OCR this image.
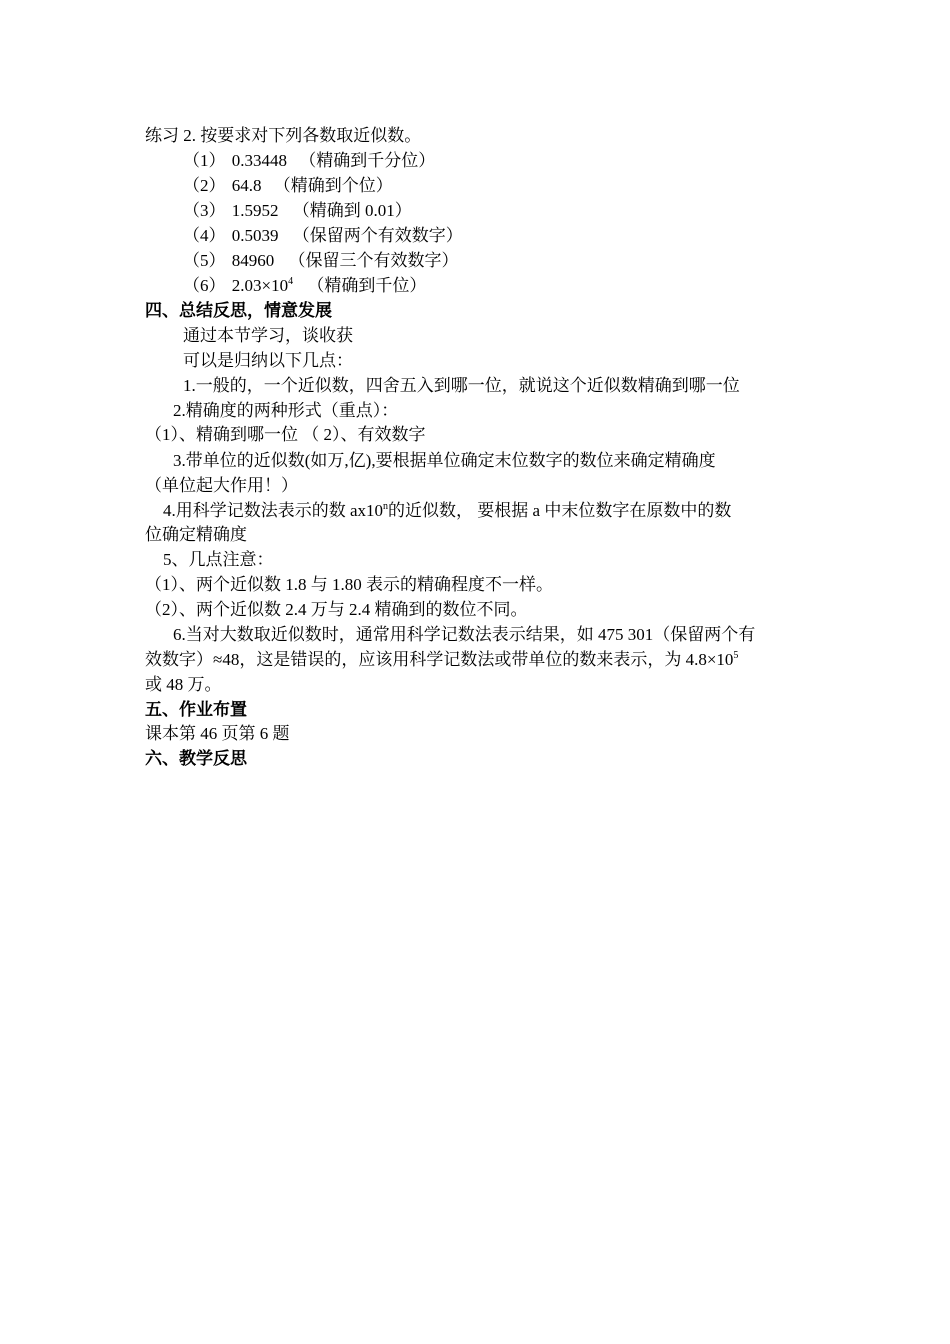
练习 2. 按要求对下列各数取近似数。
（1） 0.33448 （精确到千分位）
（2） 64.8 （精确到个位）
（3） 1.5952 （精确到 0.01）
（4） 0.5039 （保留两个有效数字）
（5） 84960 （保留三个有效数字）
（6） $2.03\times 10^4$ （精确到千位）
四、总结反思，情意发展
通过本节学习，谈收获
可以是归纳以下几点：
1.一般的，一个近似数，四舍五入到哪一位，就说这个近似数精确到哪一位
2.精确度的两种形式（重点）：
（1）、精确到哪一位 （ 2）、有效数字
3.带单位的近似数(如万,亿),要根据单位确定末位数字的数位来确定精确度
（单位起大作用！）
4.用科学记数法表示的数 ax10$^n$的近似数， 要根据 a 中末位数字在原数中的数
位确定精确度
5、几点注意：
（1）、两个近似数 1.8 与 1.80 表示的精确程度不一样。
（2）、两个近似数 2.4 万与 2.4 精确到的数位不同。
6.当对大数取近似数时，通常用科学记数法表示结果，如 475 301（保留两个有
效数字）≈48，这是错误的，应该用科学记数法或带单位的数来表示，为 $4.8\times 10^5$
或 48 万。
五、作业布置
课本第 46 页第 6 题
六、教学反思
